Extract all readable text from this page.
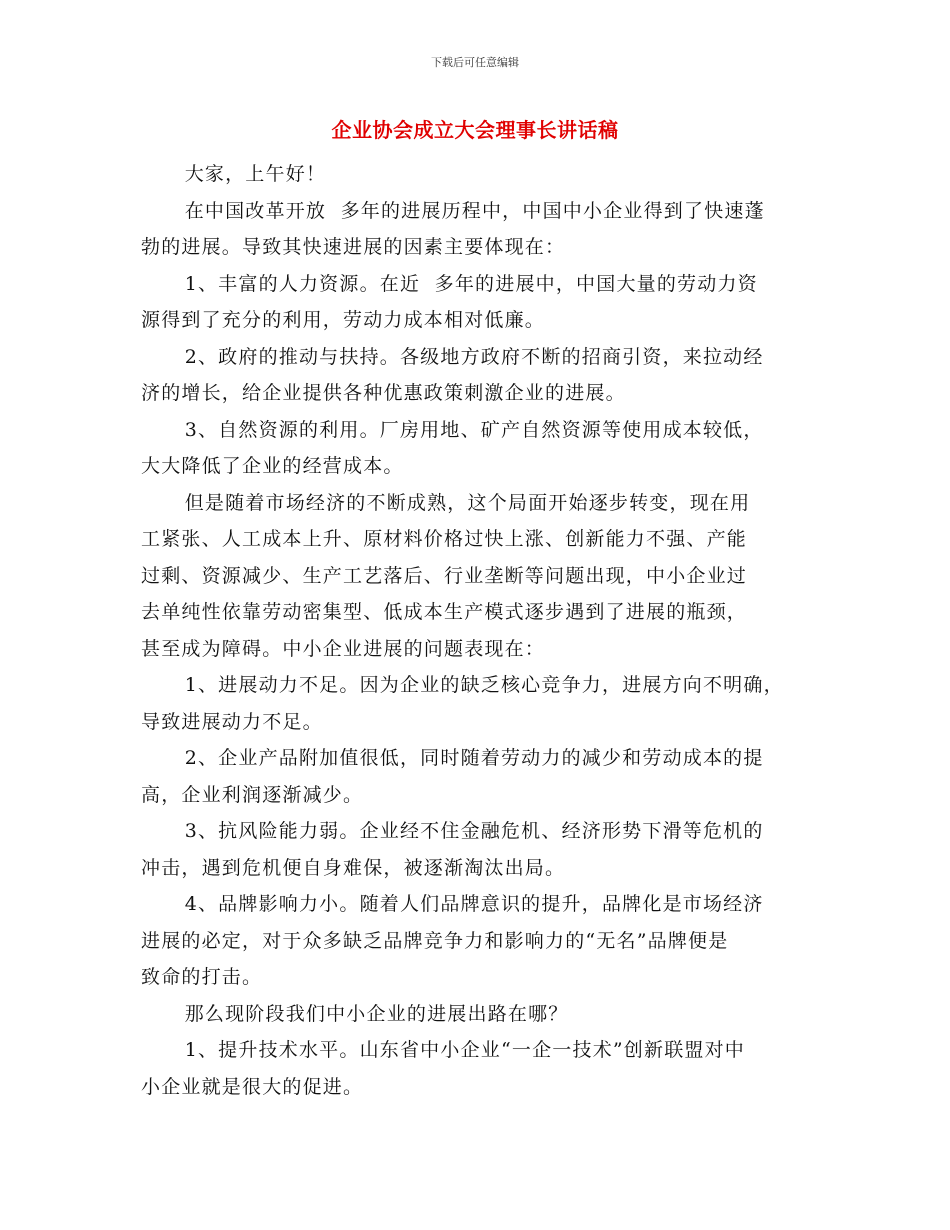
下载后可任意编辑
企业协会成立大会理事长讲话稿

大家，上午好！

在中国改革开放  多年的进展历程中，中国中小企业得到了快速蓬
勃的进展。导致其快速进展的因素主要体现在：

1、丰富的人力资源。在近  多年的进展中，中国大量的劳动力资
源得到了充分的利用，劳动力成本相对低廉。

2、政府的推动与扶持。各级地方政府不断的招商引资，来拉动经
济的增长，给企业提供各种优惠政策刺激企业的进展。

3、自然资源的利用。厂房用地、矿产自然资源等使用成本较低，
大大降低了企业的经营成本。

但是随着市场经济的不断成熟，这个局面开始逐步转变，现在用
工紧张、人工成本上升、原材料价格过快上涨、创新能力不强、产能
过剩、资源减少、生产工艺落后、行业垄断等问题出现，中小企业过
去单纯性依靠劳动密集型、低成本生产模式逐步遇到了进展的瓶颈，
甚至成为障碍。中小企业进展的问题表现在：

1、进展动力不足。因为企业的缺乏核心竞争力，进展方向不明确，
导致进展动力不足。

2、企业产品附加值很低，同时随着劳动力的减少和劳动成本的提
高，企业利润逐渐减少。

3、抗风险能力弱。企业经不住金融危机、经济形势下滑等危机的
冲击，遇到危机便自身难保，被逐渐淘汰出局。

4、品牌影响力小。随着人们品牌意识的提升，品牌化是市场经济
进展的必定，对于众多缺乏品牌竞争力和影响力的“无名”品牌便是
致命的打击。

那么现阶段我们中小企业的进展出路在哪？

1、提升技术水平。山东省中小企业“一企一技术”创新联盟对中
小企业就是很大的促进。
